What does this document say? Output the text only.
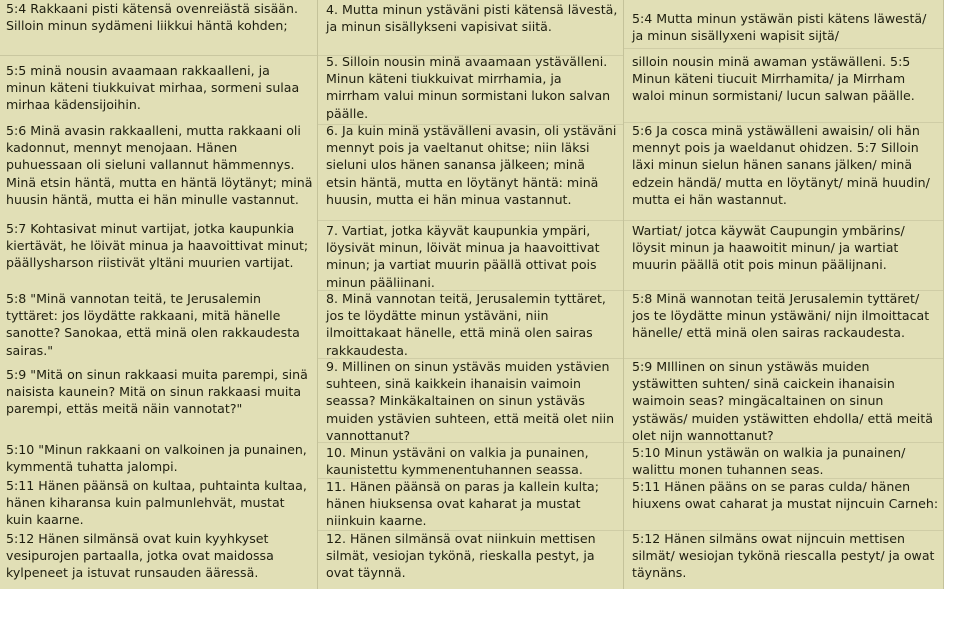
5:4 Rakkaani pisti kätensä ovenreiästä sisään. Silloin minun sydämeni liikkui häntä kohden;
5:5 minä nousin avaamaan rakkaalleni, ja minun käteni tiukkuivat mirhaa, sormeni sulaa mirhaa kädensijoihin.
5:6 Minä avasin rakkaalleni, mutta rakkaani oli kadonnut, mennyt menojaan. Hänen puhuessaan oli sieluni vallannut hämmennys. Minä etsin häntä, mutta en häntä löytänyt; minä huusin häntä, mutta ei hän minulle vastannut.
5:7 Kohtasivat minut vartijat, jotka kaupunkia kiertävät, he löivät minua ja haavoittivat minut; päällysharson riistivät yltäni muurien vartijat.
5:8 "Minä vannotan teitä, te Jerusalemin tyttäret: jos löydätte rakkaani, mitä hänelle sanotte? Sanokaa, että minä olen rakkaudesta sairas."
5:9 "Mitä on sinun rakkaasi muita parempi, sinä naisista kaunein? Mitä on sinun rakkaasi muita parempi, ettäs meitä näin vannotat?"
5:10 "Minun rakkaani on valkoinen ja punainen, kymmentä tuhatta jalompi.
5:11 Hänen päänsä on kultaa, puhtainta kultaa, hänen kiharansa kuin palmunlehvät, mustat kuin kaarne.
5:12 Hänen silmänsä ovat kuin kyyhkyset vesipurojen partaalla, jotka ovat maidossa kylpeneet ja istuvat runsauden ääressä.
4. Mutta minun ystäväni pisti kätensä lävestä, ja minun sisällykseni vapisivat siitä.
5. Silloin nousin minä avaamaan ystävälleni. Minun käteni tiukkuivat mirrhamia, ja mirrham valui minun sormistani lukon salvan päälle.
6. Ja kuin minä ystävälleni avasin, oli ystäväni mennyt pois ja vaeltanut ohitse; niin läksi sieluni ulos hänen sanansa jälkeen; minä etsin häntä, mutta en löytänyt häntä: minä huusin, mutta ei hän minua vastannut.
7. Vartiat, jotka käyvät kaupunkia ympäri, löysivät minun, löivät minua ja haavoittivat minun; ja vartiat muurin päällä ottivat pois minun pääliinani.
8. Minä vannotan teitä, Jerusalemin tyttäret, jos te löydätte minun ystäväni, niin ilmoittakaat hänelle, että minä olen sairas rakkaudesta.
9. Millinen on sinun ystäväs muiden ystävien suhteen, sinä kaikkein ihanaisin vaimoin seassa? Minkäkaltainen on sinun ystäväs muiden ystävien suhteen, että meitä olet niin vannottanut?
10. Minun ystäväni on valkia ja punainen, kaunistettu kymmenentuhannen seassa.
11. Hänen päänsä on paras ja kallein kulta; hänen hiuksensa ovat kaharat ja mustat niinkuin kaarne.
12. Hänen silmänsä ovat niinkuin mettisen silmät, vesiojan tykönä, rieskalla pestyt, ja ovat täynnä.
5:4 Mutta minun ystäwän pisti kätens läwestä/ ja minun sisällyxeni wapisit sijtä/
silloin nousin minä awaman ystäwälleni. 5:5 Minun käteni tiucuit Mirrhamita/ ja Mirrham waloi minun sormistani/ lucun salwan päälle.
5:6 Ja cosca minä ystäwälleni awaisin/ oli hän mennyt pois ja waeldanut ohidzen. 5:7 Silloin läxi minun sielun hänen sanans jälken/ minä edzein händä/ mutta en löytänyt/ minä huudin/ mutta ei hän wastannut.
Wartiat/ jotca käywät Caupungin ymbärins/ löysit minun ja haawoitit minun/ ja wartiat muurin päällä otit pois minun päälijnani.
5:8 Minä wannotan teitä Jerusalemin tyttäret/ jos te löydätte minun ystäwäni/ nijn ilmoittacat hänelle/ että minä olen sairas rackaudesta.
5:9 MIllinen on sinun ystäwäs muiden ystäwitten suhten/ sinä caickein ihanaisin waimoin seas? mingäcaltainen on sinun ystäwäs/ muiden ystäwitten ehdolla/ että meitä olet nijn wannottanut?
5:10 Minun ystäwän on walkia ja punainen/ walittu monen tuhannen seas.
5:11 Hänen pääns on se paras culda/ hänen hiuxens owat caharat ja mustat nijncuin Carneh:
5:12 Hänen silmäns owat nijncuin mettisen silmät/ wesiojan tykönä riescalla pestyt/ ja owat täynäns.
